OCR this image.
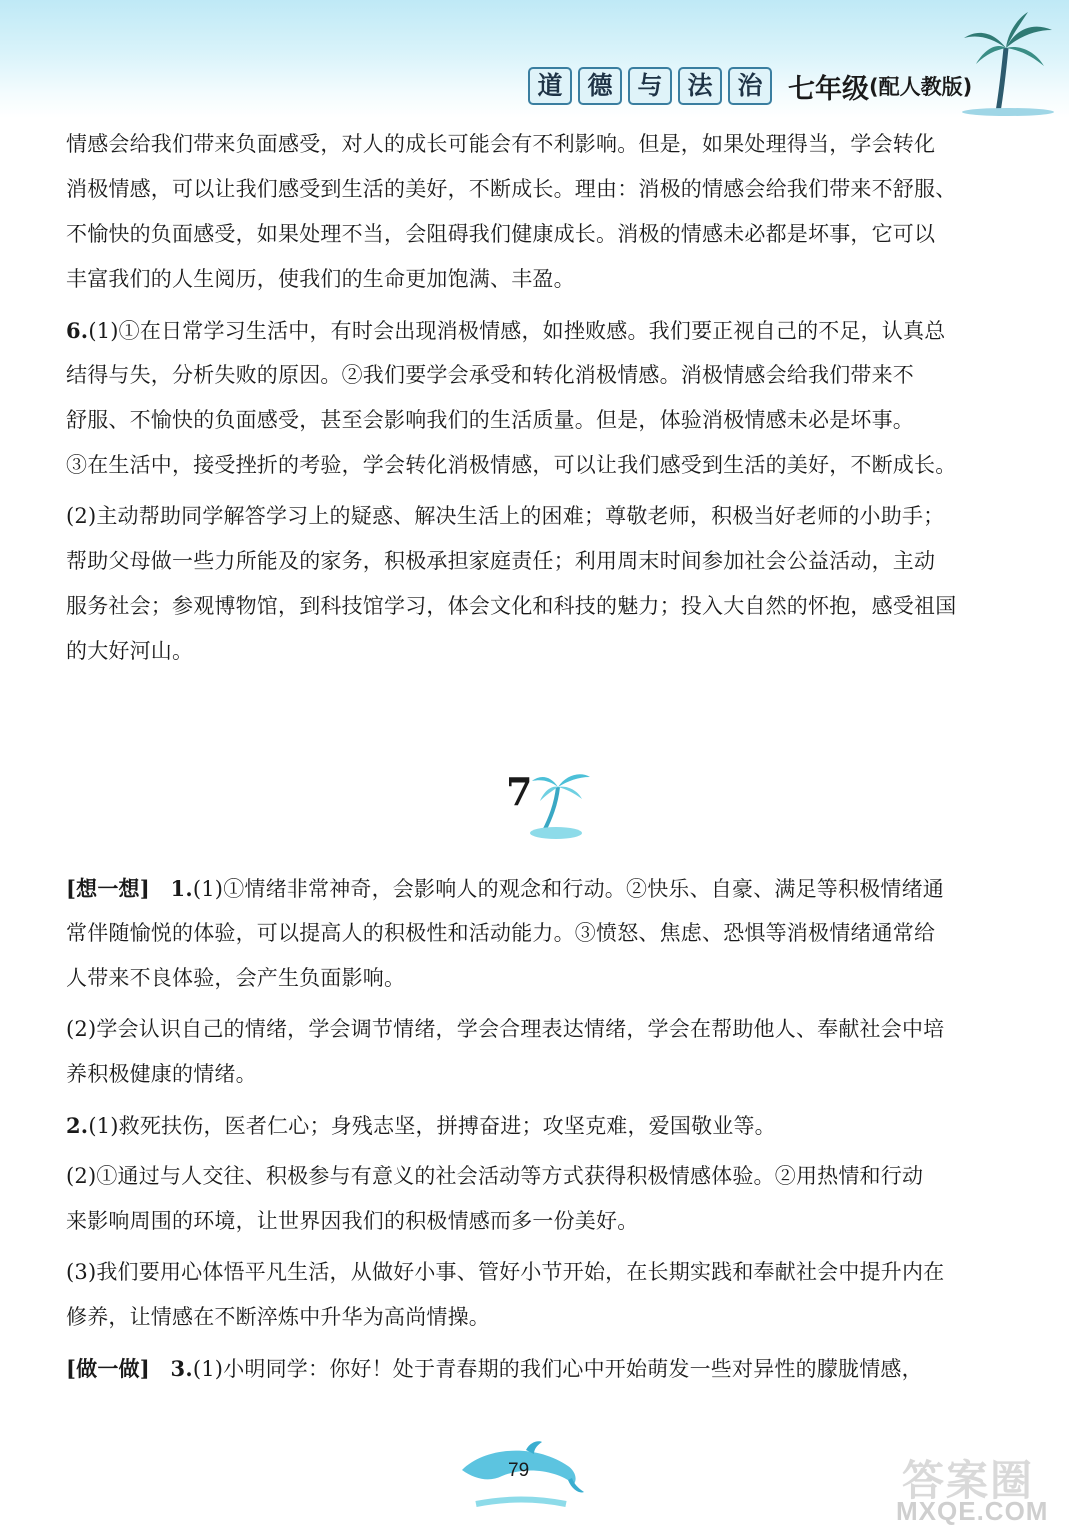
道 德 与 法 治 七年级 (配人教版)
情感会给我们带来负面感受，对人的成长可能会有不利影响。但是，如果处理得当，学会转化
消极情感，可以让我们感受到生活的美好，不断成长。理由：消极的情感会给我们带来不舒服、
不愉快的负面感受，如果处理不当，会阻碍我们健康成长。消极的情感未必都是坏事，它可以
丰富我们的人生阅历，使我们的生命更加饱满、丰盈。
6.(1)①在日常学习生活中，有时会出现消极情感，如挫败感。我们要正视自己的不足，认真总
结得与失，分析失败的原因。②我们要学会承受和转化消极情感。消极情感会给我们带来不
舒服、不愉快的负面感受，甚至会影响我们的生活质量。但是，体验消极情感未必是坏事。
③在生活中，接受挫折的考验，学会转化消极情感，可以让我们感受到生活的美好，不断成长。
(2)主动帮助同学解答学习上的疑惑、解决生活上的困难；尊敬老师，积极当好老师的小助手；
帮助父母做一些力所能及的家务，积极承担家庭责任；利用周末时间参加社会公益活动，主动
服务社会；参观博物馆，到科技馆学习，体会文化和科技的魅力；投入大自然的怀抱，感受祖国
的大好河山。
7
[想一想] 1.(1)①情绪非常神奇，会影响人的观念和行动。②快乐、自豪、满足等积极情绪通
常伴随愉悦的体验，可以提高人的积极性和活动能力。③愤怒、焦虑、恐惧等消极情绪通常给
人带来不良体验，会产生负面影响。
(2)学会认识自己的情绪，学会调节情绪，学会合理表达情绪，学会在帮助他人、奉献社会中培
养积极健康的情绪。
2.(1)救死扶伤，医者仁心；身残志坚，拼搏奋进；攻坚克难，爱国敬业等。
(2)①通过与人交往、积极参与有意义的社会活动等方式获得积极情感体验。②用热情和行动
来影响周围的环境，让世界因我们的积极情感而多一份美好。
(3)我们要用心体悟平凡生活，从做好小事、管好小节开始，在长期实践和奉献社会中提升内在
修养，让情感在不断淬炼中升华为高尚情操。
[做一做] 3.(1)小明同学：你好！处于青春期的我们心中开始萌发一些对异性的朦胧情感，
79	答案圈
MXQE.COM
